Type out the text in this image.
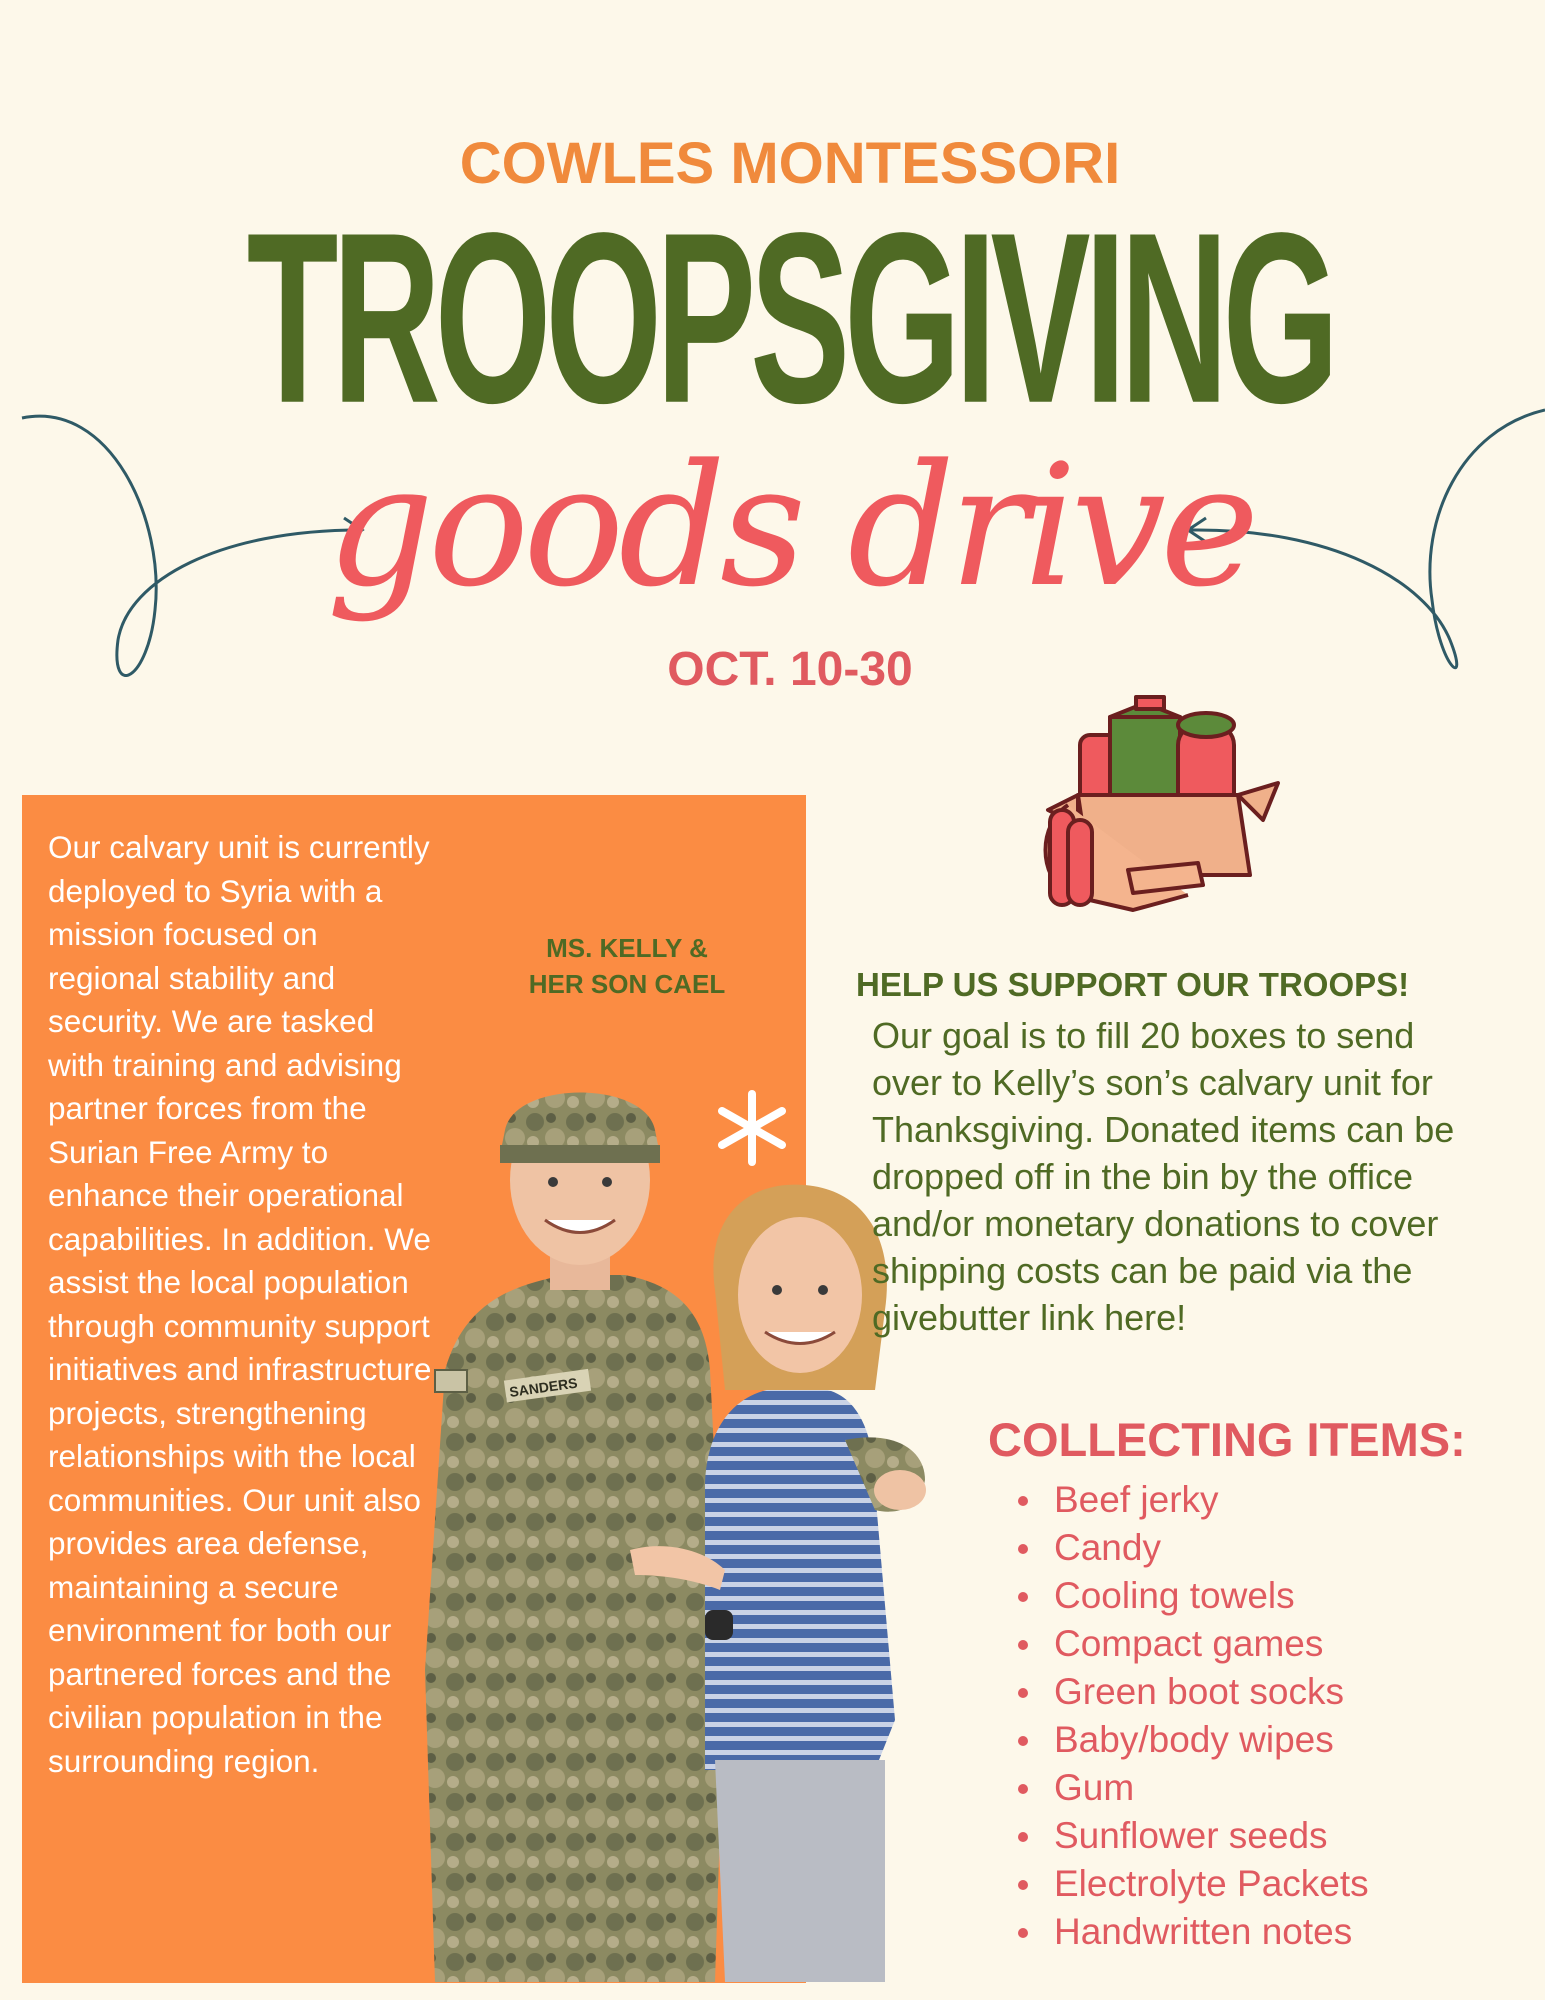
COWLES MONTESSORI
TROOPSGIVING
goods drive
OCT. 10-30

Our calvary unit is currently deployed to Syria with a mission focused on regional stability and security. We are tasked with training and advising partner forces from the Surian Free Army to enhance their operational capabilities. In addition. We assist the local population through community support initiatives and infrastructure projects, strengthening relationships with the local communities. Our unit also provides area defense, maintaining a secure environment for both our partnered forces and the civilian population in the surrounding region.

MS. KELLY &
HER SON CAEL
SANDERS
HELP US SUPPORT OUR TROOPS!

Our goal is to fill 20 boxes to send over to Kelly’s son’s calvary unit for Thanksgiving. Donated items can be dropped off in the bin by the office and/or monetary donations to cover shipping costs can be paid via the givebutter link here!

COLLECTING ITEMS:
Beef jerky
Candy
Cooling towels
Compact games
Green boot socks
Baby/body wipes
Gum
Sunflower seeds
Electrolyte Packets
Handwritten notes
